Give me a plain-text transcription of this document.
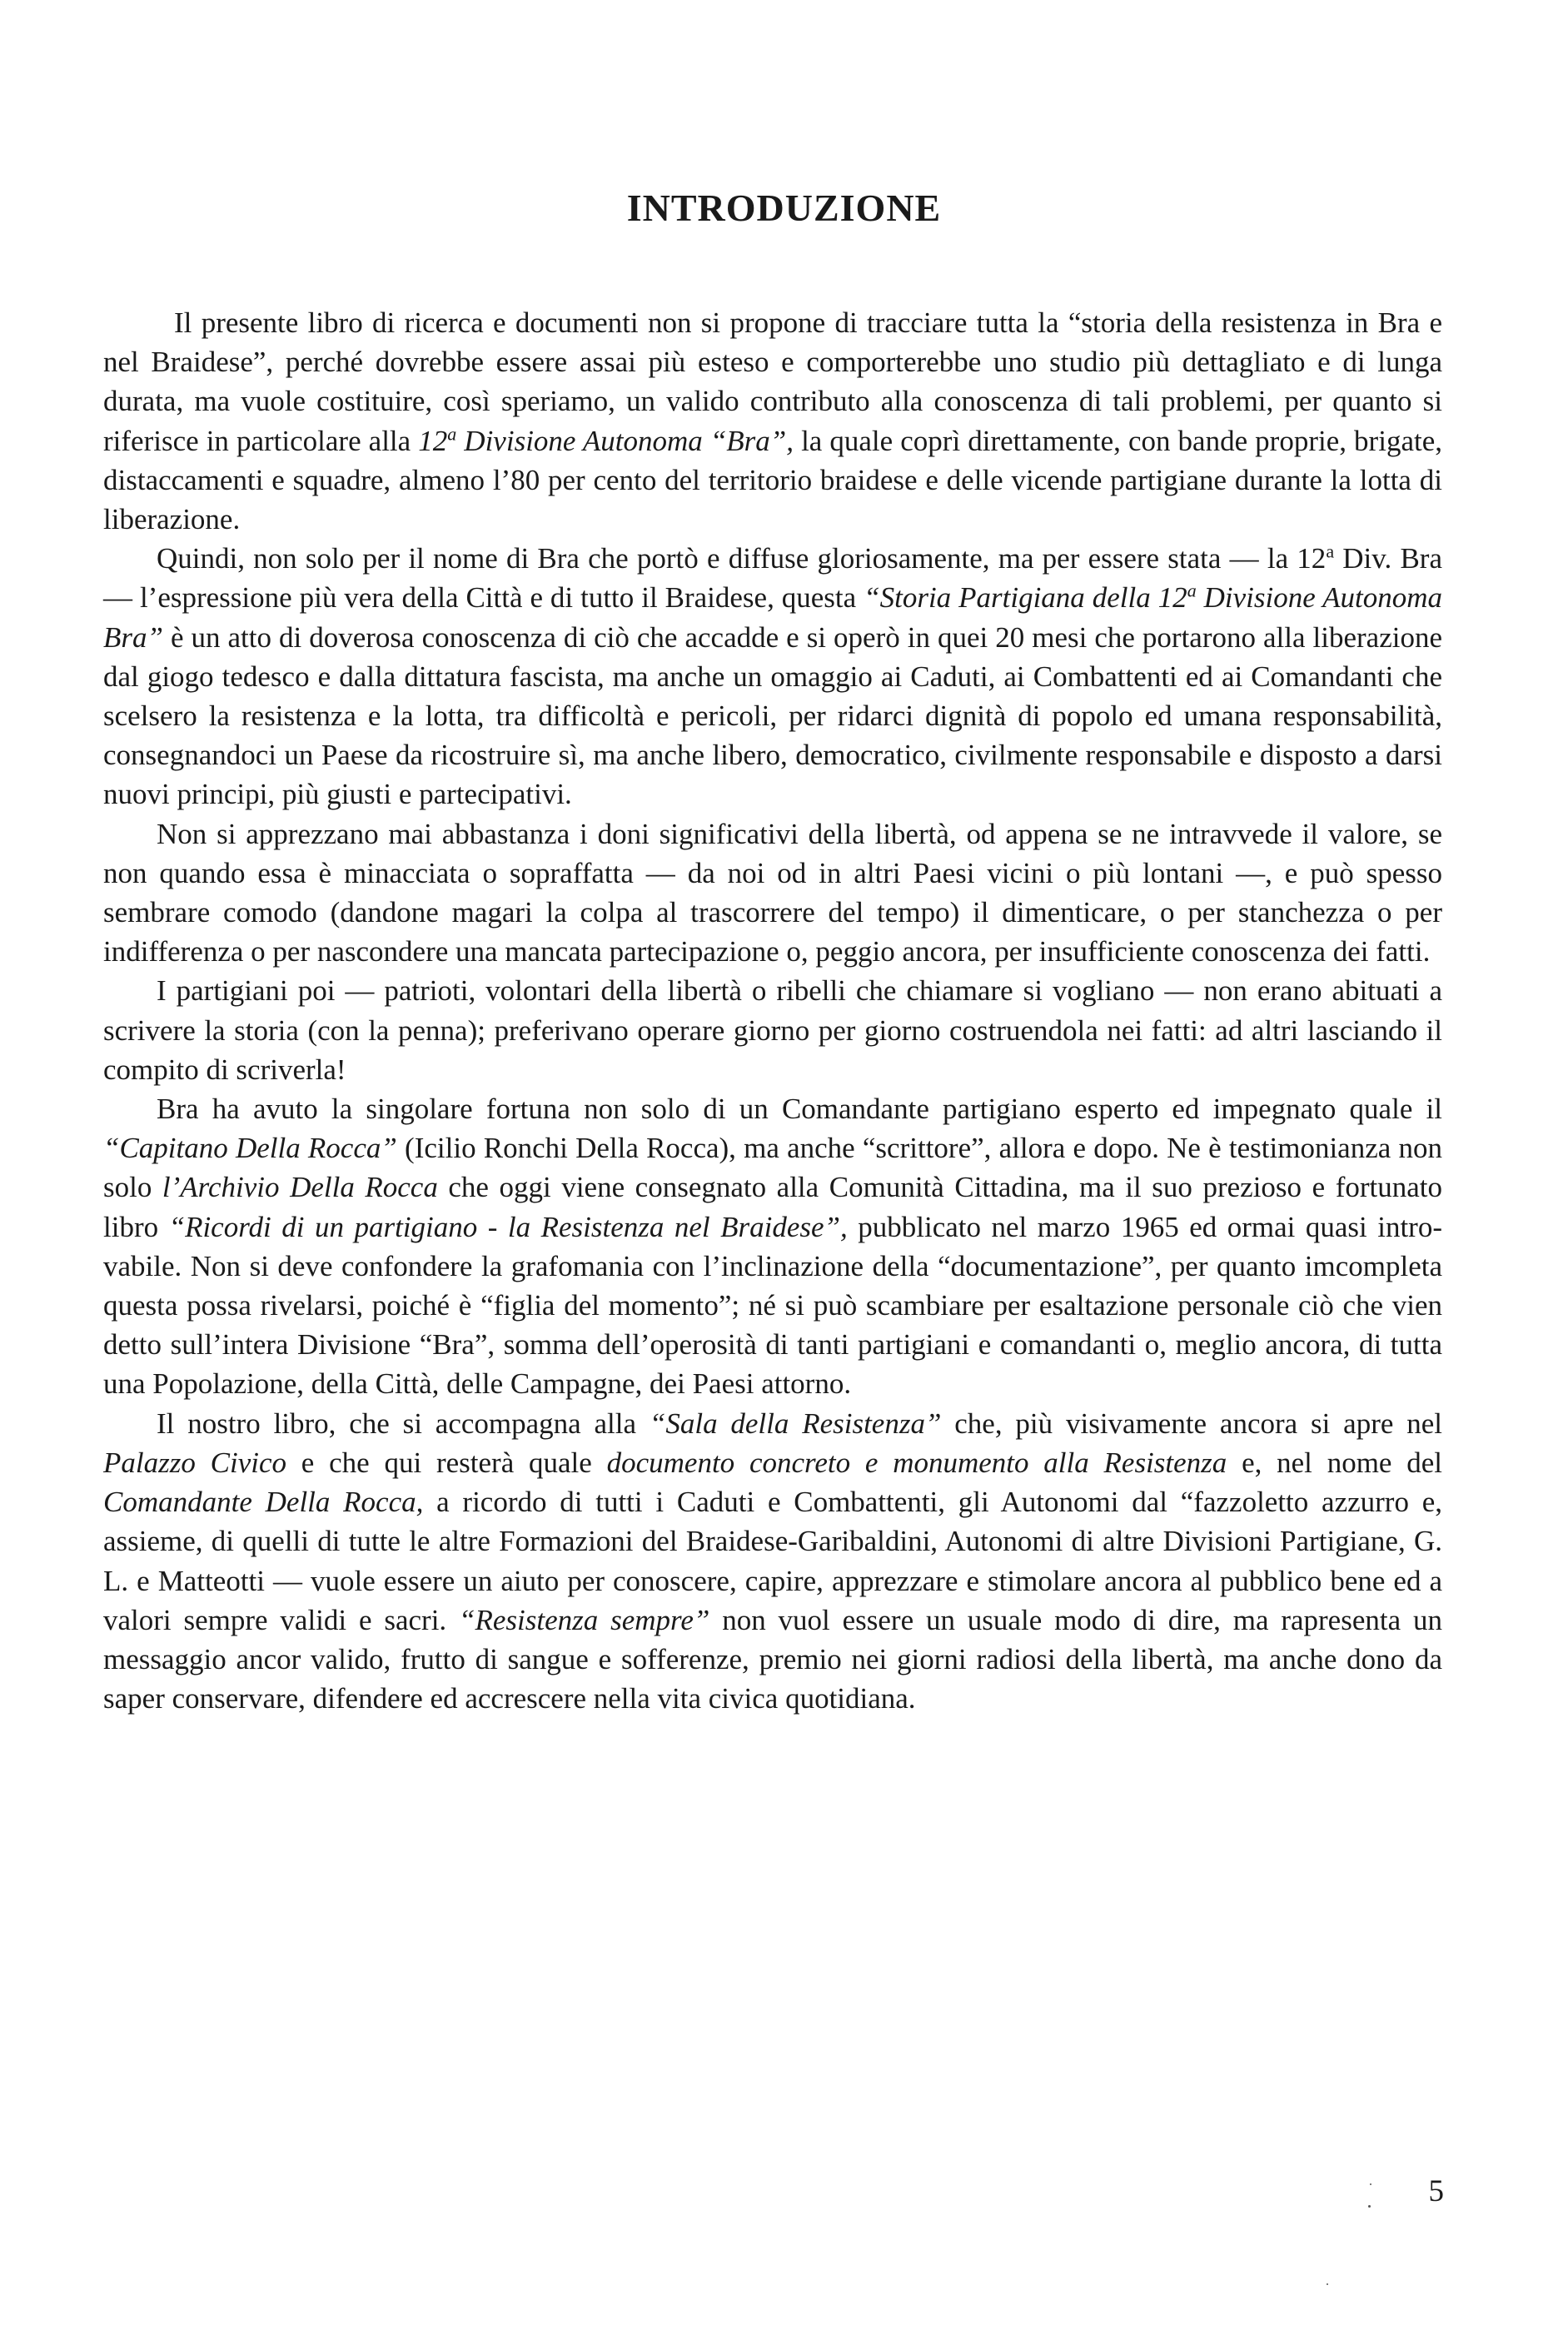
INTRODUZIONE

Il presente libro di ricerca e documenti non si propone di tracciare tutta la “storia della resistenza in Bra e nel Braidese”, perché dovrebbe essere assai più esteso e comporterebbe uno studio più dettagliato e di lunga durata, ma vuole costituire, così speriamo, un valido contributo alla conoscenza di tali problemi, per quanto si riferisce in particolare alla 12$^a$ Divisione Autonoma “Bra”, la quale coprì direttamente, con bande proprie, brigate, distaccamenti e squadre, almeno l’80 per cento del territorio braidese e delle vicende partigiane durante la lotta di liberazione.

Quindi, non solo per il nome di Bra che portò e diffuse gloriosamente, ma per essere stata — la 12$^a$ Div. Bra — l’espressione più vera della Città e di tutto il Braidese, questa “Storia Partigiana della 12$^a$ Divisione Autonoma Bra” è un atto di doverosa conoscenza di ciò che accadde e si operò in quei 20 mesi che portarono alla liberazione dal giogo tedesco e dalla dittatura fascista, ma anche un omaggio ai Caduti, ai Combattenti ed ai Comandanti che scelsero la resistenza e la lotta, tra difficoltà e pericoli, per ridarci dignità di popolo ed umana responsabilità, consegnandoci un Paese da ricostruire sì, ma anche libero, democratico, civilmente responsabile e disposto a darsi nuovi principi, più giusti e partecipativi.

Non si apprezzano mai abbastanza i doni significativi della libertà, od appena se ne intravvede il valore, se non quando essa è minacciata o sopraffatta — da noi od in altri Paesi vicini o più lontani —, e può spesso sembrare comodo (dandone magari la colpa al trascorrere del tempo) il dimenticare, o per stanchezza o per indifferenza o per nascondere una mancata partecipazione o, peggio ancora, per insufficiente conoscenza dei fatti.

I partigiani poi — patrioti, volontari della libertà o ribelli che chiamare si vogliano — non erano abituati a scrivere la storia (con la penna); preferivano operare giorno per giorno costruendola nei fatti: ad altri lasciando il compito di scriverla!

Bra ha avuto la singolare fortuna non solo di un Comandante partigiano esperto ed impegnato quale il “Capitano Della Rocca” (Icilio Ronchi Della Rocca), ma anche “scrittore”, allora e dopo. Ne è testimonianza non solo l’Archivio Della Rocca che oggi viene consegnato alla Comunità Cittadina, ma il suo prezioso e fortunato libro “Ricordi di un partigiano - la Resistenza nel Braidese”, pubblicato nel marzo 1965 ed ormai quasi introvabile. Non si deve confondere la grafomania con l’inclinazione della “documentazione”, per quanto imcompleta questa possa rivelarsi, poiché è “figlia del momento”; né si può scambiare per esaltazione personale ciò che vien detto sull’intera Divisione “Bra”, somma dell’operosità di tanti partigiani e comandanti o, meglio ancora, di tutta una Popolazione, della Città, delle Campagne, dei Paesi attorno.

Il nostro libro, che si accompagna alla “Sala della Resistenza” che, più visivamente ancora si apre nel Palazzo Civico e che qui resterà quale documento concreto e monumento alla Resistenza e, nel nome del Comandante Della Rocca, a ricordo di tutti i Caduti e Combattenti, gli Autonomi dal “fazzoletto azzurro e, assieme, di quelli di tutte le altre Formazioni del Braidese-Garibaldini, Autonomi di altre Divisioni Partigiane, G. L. e Matteotti — vuole essere un aiuto per conoscere, capire, apprezzare e stimolare ancora al pubblico bene ed a valori sempre validi e sacri. “Resistenza sempre” non vuol essere un usuale modo di dire, ma rapresenta un messaggio ancor valido, frutto di sangue e sofferenze, premio nei giorni radiosi della libertà, ma anche dono da saper conservare, difendere ed accrescere nella vita civica quotidiana.

5
